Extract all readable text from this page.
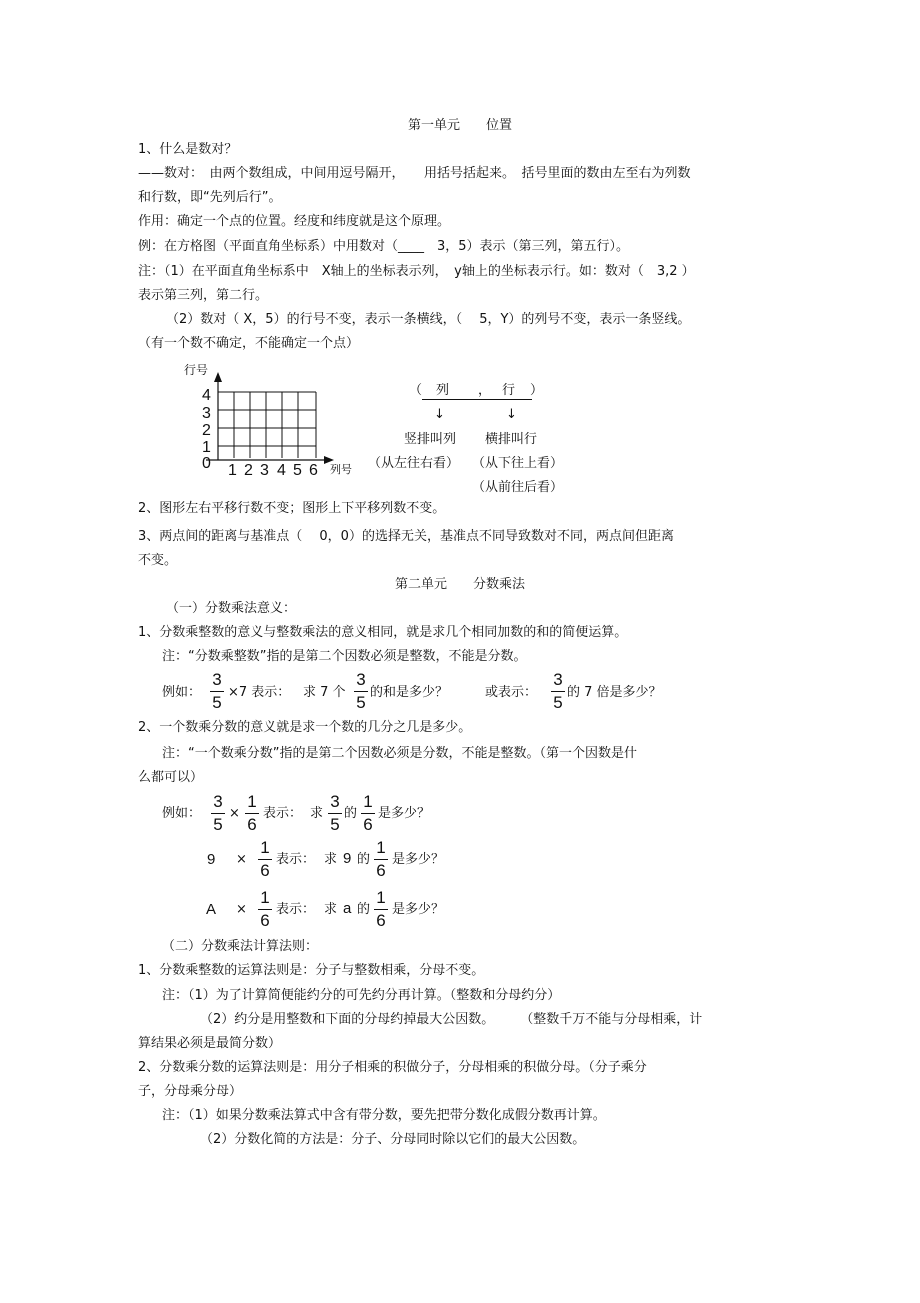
第一单元　　位置
1、什么是数对？
——数对：　由两个数组成，中间用逗号隔开，　　用括号括起来。　括号里面的数由左至右为列数
和行数，即“先列后行”。
作用：确定一个点的位置。经度和纬度就是这个原理。
例：在方格图（平面直角坐标系）中用数对（____　3，5）表示（第三列，第五行）。
注：（1）在平面直角坐标系中　X轴上的坐标表示列，　y轴上的坐标表示行。如：数对（　3,2 ）
表示第三列，第二行。
（2）数对（ X，5）的行号不变，表示一条横线，（　 5，Y）的列号不变，表示一条竖线。
（有一个数不确定，不能确定一个点）
行号
4
3
2
1
0 1 2 3 4 5 6 列号
（ 列 ， 行 ）
↓	↓
竖排叫列 横排叫行
（从左往右看） （从下往上看）
（从前往后看）
2、图形左右平移行数不变；图形上下平移列数不变。
3、两点间的距离与基准点（　 0，0）的选择无关，基准点不同导致数对不同，两点间但距离
不变。
第二单元　　分数乘法
（一）分数乘法意义：
1、分数乘整数的意义与整数乘法的意义相同，就是求几个相同加数的和的简便运算。
注：“分数乘整数”指的是第二个因数必须是整数，不能是分数。
例如：
3
5
×7 表示： 求 7 个
3
5
的和是多少？	或表示：
3
5
的 7 倍是多少？
2、一个数乘分数的意义就是求一个数的几分之几是多少。
注：“一个数乘分数”指的是第二个因数必须是分数，不能是整数。（第一个因数是什
么都可以）
例如：
3
5
×
1
6
表示： 求
3
5
的
1
6
是多少？
9 ×
1
6
表示： 求 9 的
1
6
是多少？
A ×
1
6
表示： 求 a 的
1
6
是多少？
（二）分数乘法计算法则：
1、分数乘整数的运算法则是：分子与整数相乘，分母不变。
注：（1）为了计算简便能约分的可先约分再计算。（整数和分母约分）
（2）约分是用整数和下面的分母约掉最大公因数。　　　（整数千万不能与分母相乘，计
算结果必须是最简分数）
2、分数乘分数的运算法则是：用分子相乘的积做分子，分母相乘的积做分母。（分子乘分
子，分母乘分母）
注：（1）如果分数乘法算式中含有带分数，要先把带分数化成假分数再计算。
（2）分数化简的方法是：分子、分母同时除以它们的最大公因数。
